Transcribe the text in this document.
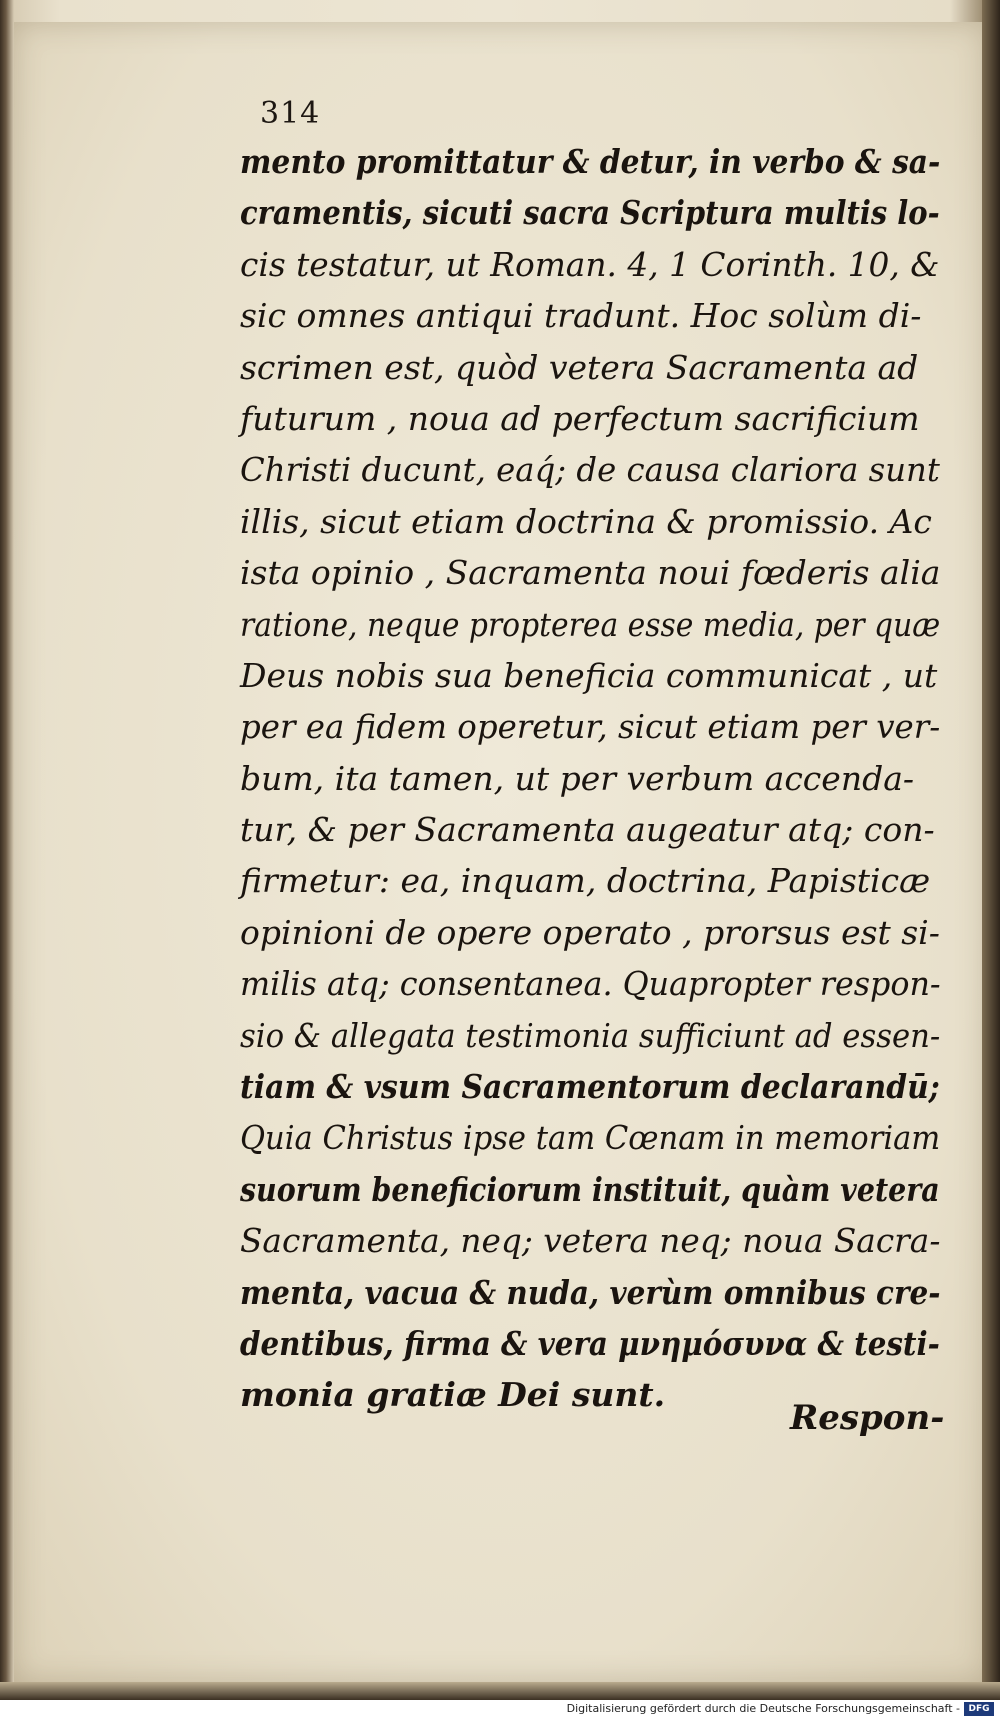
314
mento promittatur & detur, in verbo & sa-
cramentis, sicuti sacra Scriptura multis lo-
cis testatur, ut Roman. 4, 1 Corinth. 10, &
sic omnes antiqui tradunt. Hoc solùm di-
scrimen est, quòd vetera Sacramenta ad
futurum , noua ad perfectum sacrificium
Christi ducunt, eaq́; de causa clariora sunt
illis, sicut etiam doctrina & promissio. Ac
ista opinio , Sacramenta noui fœderis alia
ratione, neque propterea esse media, per quæ
Deus nobis sua beneficia communicat , ut
per ea fidem operetur, sicut etiam per ver-
bum, ita tamen, ut per verbum accenda-
tur, & per Sacramenta augeatur atq; con-
firmetur: ea, inquam, doctrina, Papisticæ
opinioni de opere operato , prorsus est si-
milis atq; consentanea. Quapropter respon-
sio & allegata testimonia sufficiunt ad essen-
tiam & vsum Sacramentorum declarandū;
Quia Christus ipse tam Cœnam in memoriam
suorum beneficiorum instituit, quàm vetera
Sacramenta, neq; vetera neq; noua Sacra-
menta, vacua & nuda, verùm omnibus cre-
dentibus, firma & vera μνημόσυνα & testi-
monia gratiæ Dei sunt.
Respon-
Digitalisierung gefördert durch die Deutsche Forschungsgemeinschaft - DFG
